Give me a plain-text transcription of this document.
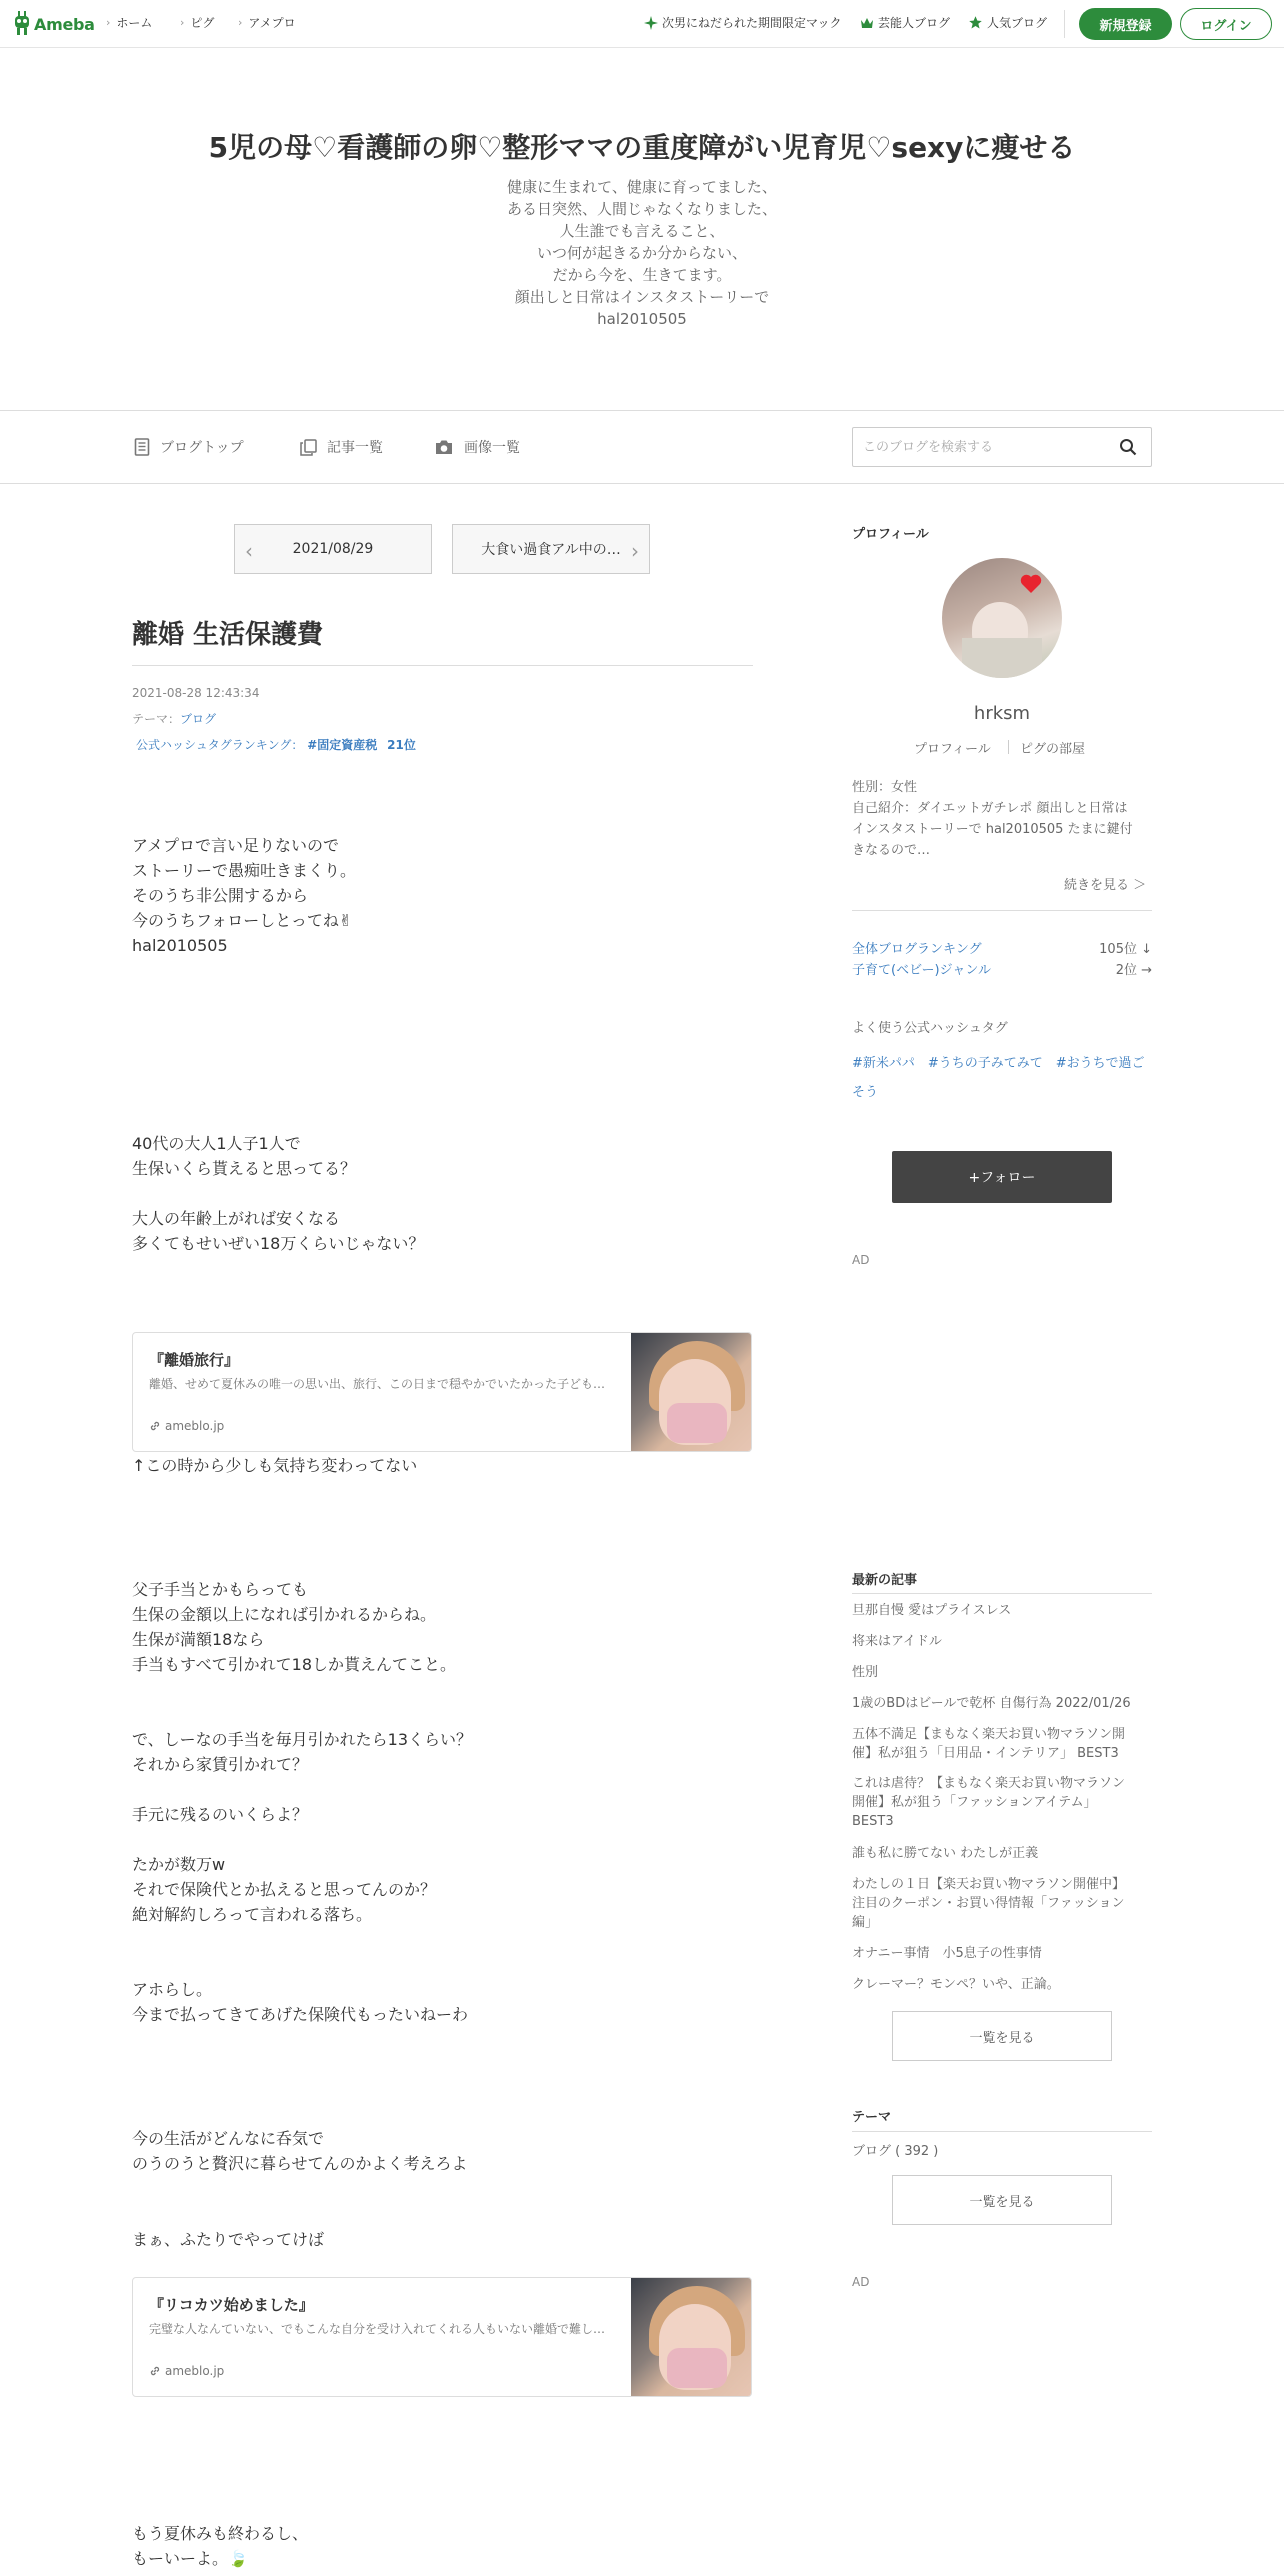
Ameba › ホーム	› ピグ › アメプロ	次男にねだられた期間限定マック	芸能人ブログ	人気ブログ	新規登録	ログイン
5児の母♡看護師の卵♡整形ママの重度障がい児育児♡sexyに痩せる
健康に生まれて、健康に育ってました、
ある日突然、人間じゃなくなりました、
人生誰でも言えること、
いつ何が起きるか分からない、
だから今を、生きてます。
顔出しと日常はインスタストーリーで
hal2010505
ブログトップ	記事一覧	画像一覧
このブログを検索する
‹	2021/08/29	大食い過食アル中の… ›
離婚 生活保護費
2021-08-28 12:43:34
テーマ：ブログ
公式ハッシュタグランキング： #固定資産税 21位
アメプロで言い足りないので
ストーリーで愚痴吐きまくり。
そのうち非公開するから
今のうちフォローしとってね✌
hal2010505
40代の大人1人子1人で
生保いくら貰えると思ってる？
大人の年齢上がれば安くなる
多くてもせいぜい18万くらいじゃない？
『離婚旅行』
離婚、せめて夏休みの唯一の思い出、旅行、この日まで穏やかでいたかった子ども…
ameblo.jp
↑この時から少しも気持ち変わってない
父子手当とかもらっても
生保の金額以上になれば引かれるからね。
生保が満額18なら
手当もすべて引かれて18しか貰えんてこと。
で、しーなの手当を毎月引かれたら13くらい？
それから家賃引かれて？
手元に残るのいくらよ？
たかが数万w
それで保険代とか払えると思ってんのか？
絶対解約しろって言われる落ち。
アホらし。
今まで払ってきてあげた保険代もったいねーわ
今の生活がどんなに呑気で
のうのうと贅沢に暮らせてんのかよく考えろよ
まぁ、ふたりでやってけば
『リコカツ始めました』
完璧な人なんていない、でもこんな自分を受け入れてくれる人もいない離婚で難し…
ameblo.jp
もう夏休みも終わるし、
もーいーよ。🍃
プロフィール
hrksm
プロフィール ピグの部屋
性別：女性
自己紹介：ダイエットガチレポ 顔出しと日常は
インスタストーリーで hal2010505 たまに鍵付
きなるので…
続きを見る ＞
全体ブログランキング	105位 ↓
子育て(ベビー)ジャンル	2位 →
よく使う公式ハッシュタグ
#新米パパ　#うちの子みてみて　#おうちで過ご
そう
+フォロー
AD
最新の記事
旦那自慢 愛はプライスレス
将来はアイドル
性別
1歳のBDはビールで乾杯 自傷行為 2022/01/26
五体不満足【まもなく楽天お買い物マラソン開
催】私が狙う「日用品・インテリア」 BEST3
これは虐待？【まもなく楽天お買い物マラソン
開催】私が狙う「ファッションアイテム」
BEST3
誰も私に勝てない わたしが正義
わたしの１日【楽天お買い物マラソン開催中】
注目のクーポン・お買い得情報「ファッション
編」
オナニー事情　小5息子の性事情
クレーマー？モンペ？いや、正論。
一覧を見る
テーマ
ブログ ( 392 )
一覧を見る
AD
